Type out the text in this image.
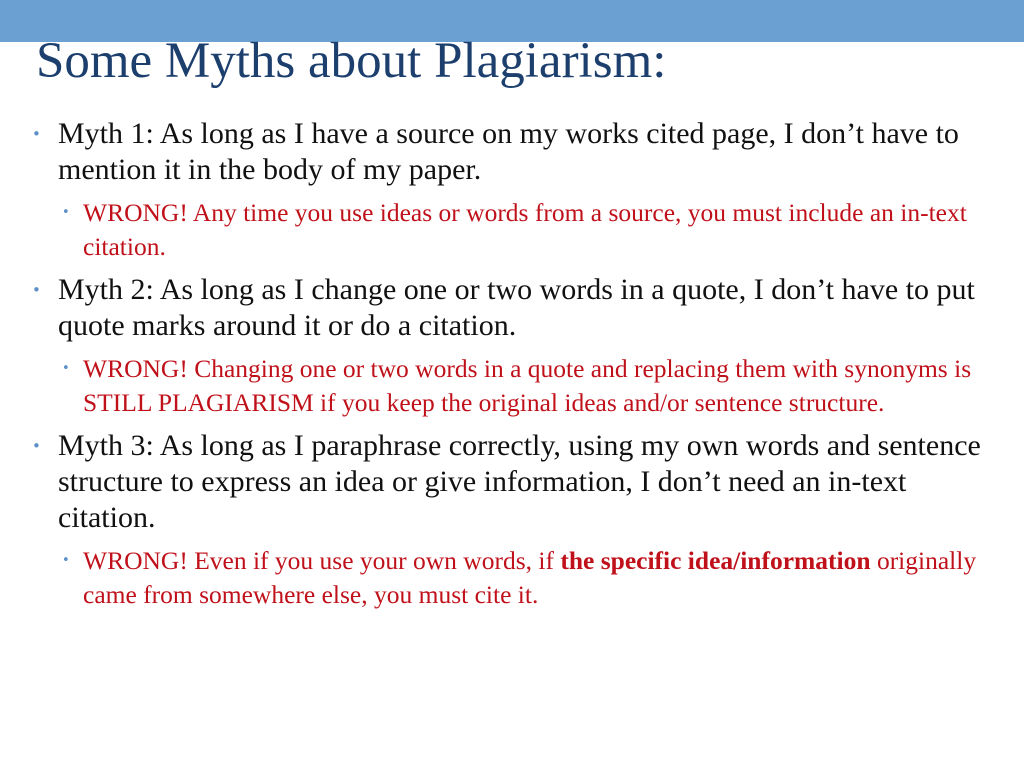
Some Myths about Plagiarism:
• Myth 1: As long as I have a source on my works cited page, I don’t have to mention it in the body of my paper.
• WRONG! Any time you use ideas or words from a source, you must include an in-text citation.
• Myth 2: As long as I change one or two words in a quote, I don’t have to put quote marks around it or do a citation.
• WRONG! Changing one or two words in a quote and replacing them with synonyms is STILL PLAGIARISM if you keep the original ideas and/or sentence structure.
• Myth 3: As long as I paraphrase correctly, using my own words and sentence structure to express an idea or give information, I don’t need an in-text citation.
• WRONG! Even if you use your own words, if the specific idea/information originally came from somewhere else, you must cite it.
